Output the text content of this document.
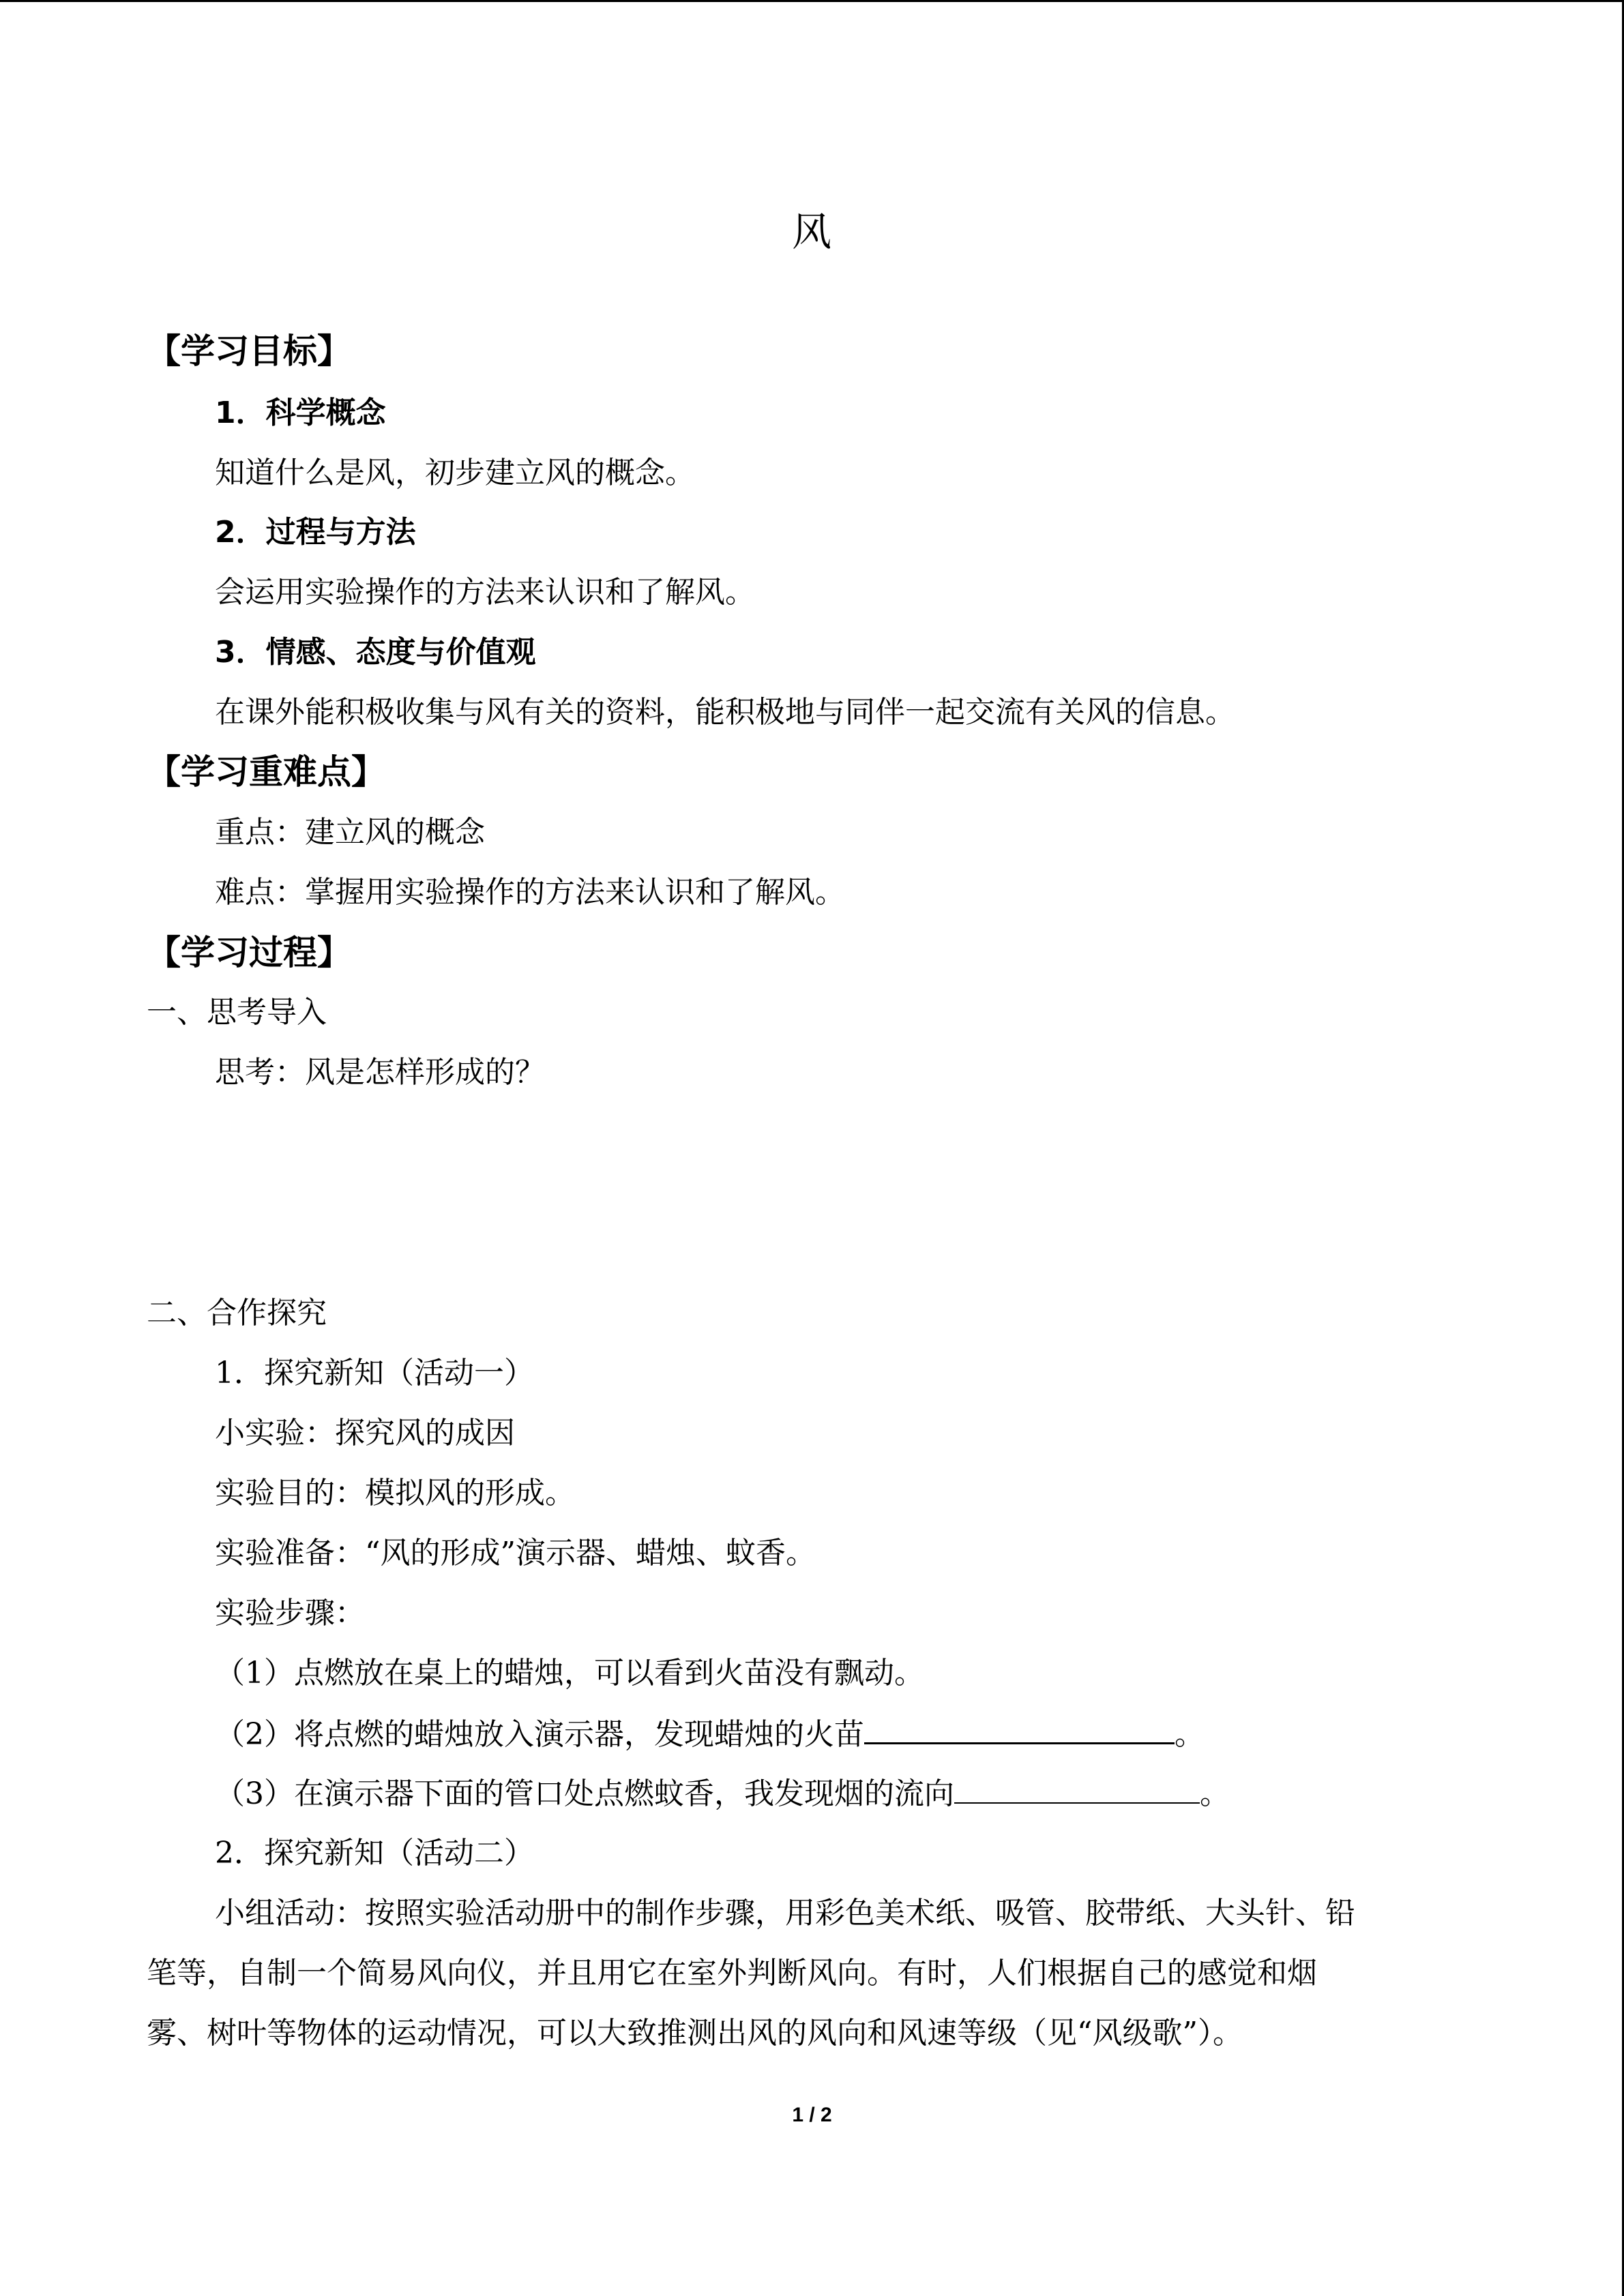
风
【学习目标】
1．科学概念
知道什么是风，初步建立风的概念。
2．过程与方法
会运用实验操作的方法来认识和了解风。
3．情感、态度与价值观
在课外能积极收集与风有关的资料，能积极地与同伴一起交流有关风的信息。
【学习重难点】
重点：建立风的概念
难点：掌握用实验操作的方法来认识和了解风。
【学习过程】
一、思考导入
思考：风是怎样形成的？
二、合作探究
1．探究新知（活动一）
小实验：探究风的成因
实验目的：模拟风的形成。
实验准备：“风的形成”演示器、蜡烛、蚊香。
实验步骤：
（1）点燃放在桌上的蜡烛，可以看到火苗没有飘动。
（2）将点燃的蜡烛放入演示器，发现蜡烛的火苗	。
（3）在演示器下面的管口处点燃蚊香，我发现烟的流向	。
2．探究新知（活动二）
小组活动：按照实验活动册中的制作步骤，用彩色美术纸、吸管、胶带纸、大头针、铅
笔等，自制一个简易风向仪，并且用它在室外判断风向。有时，人们根据自己的感觉和烟
雾、树叶等物体的运动情况，可以大致推测出风的风向和风速等级（见“风级歌”）。
1 / 2
